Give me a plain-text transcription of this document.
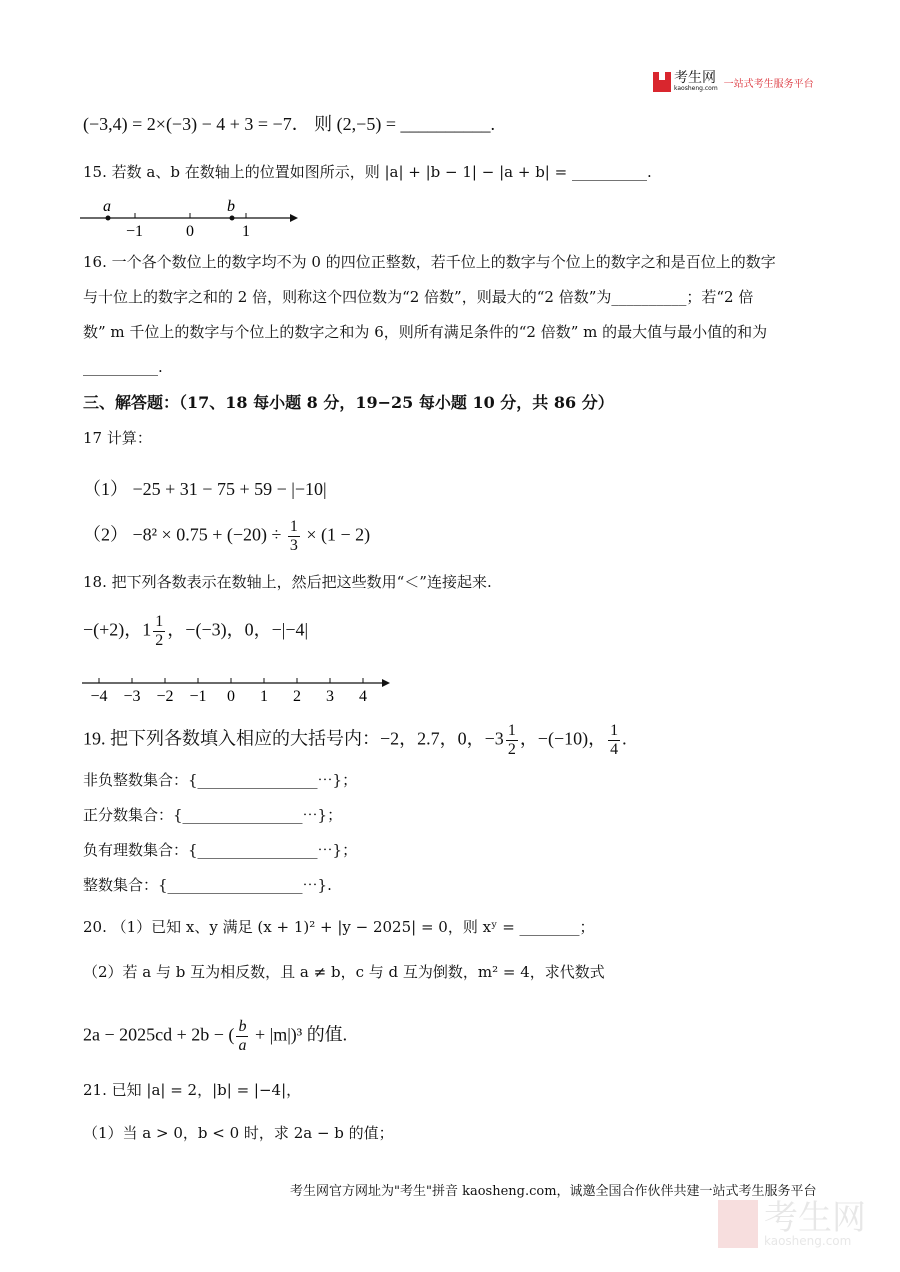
考生网
kaosheng.com 一站式考生服务平台
(−3,4) = 2×(−3) − 4 + 3 = −7． 则 (2,−5) = __________.
15. 若数 a、b 在数轴上的位置如图所示，则 |a| + |b − 1| − |a + b| = __________.
a	b
−1	0	1
16. 一个各个数位上的数字均不为 0 的四位正整数，若千位上的数字与个位上的数字之和是百位上的数字
与十位上的数字之和的 2 倍，则称这个四位数为“2 倍数”，则最大的“2 倍数”为__________；若“2 倍
数” m 千位上的数字与个位上的数字之和为 6，则所有满足条件的“2 倍数” m 的最大值与最小值的和为
__________.
三、解答题：（17、18 每小题 8 分，19−25 每小题 10 分，共 86 分）
17 计算：
（1） −25 + 31 − 75 + 59 − |−10|
$(2) -8^2 \times 0.75 + (-20) \div \frac{1}{3} \times (1 - 2)$
18. 把下列各数表示在数轴上，然后把这些数用“＜”连接起来.
−(+2)，$1 \frac{1}{2}$ ，−(−3)，0，−|−4|
−4 −3 −2 −1 0 1 2 3 4
19. 把下列各数填入相应的大括号内：−2，2.7，0，$-3 \frac{1}{2}$ ，−(−10)， $\frac{1}{4}$ .
非负整数集合：{________________⋯}；
正分数集合：{________________⋯}；
负有理数集合：{________________⋯}；
整数集合：{__________________⋯}.
20. （1）已知 x、y 满足 (x + 1)² + |y − 2025| = 0，则 xʸ = ________；
（2）若 a 与 b 互为相反数，且 a ≠ b，c 与 d 互为倒数，m² = 4，求代数式
2a − 2025cd + 2b − ( $\frac{b}{a} + |m|)^3$ 的值.
21. 已知 |a| = 2，|b| = |−4|，
（1）当 a > 0，b < 0 时，求 2a − b 的值；
考生网官方网址为"考生"拼音 kaosheng.com，诚邀全国合作伙伴共建一站式考生服务平台
考生网
kaosheng.com
